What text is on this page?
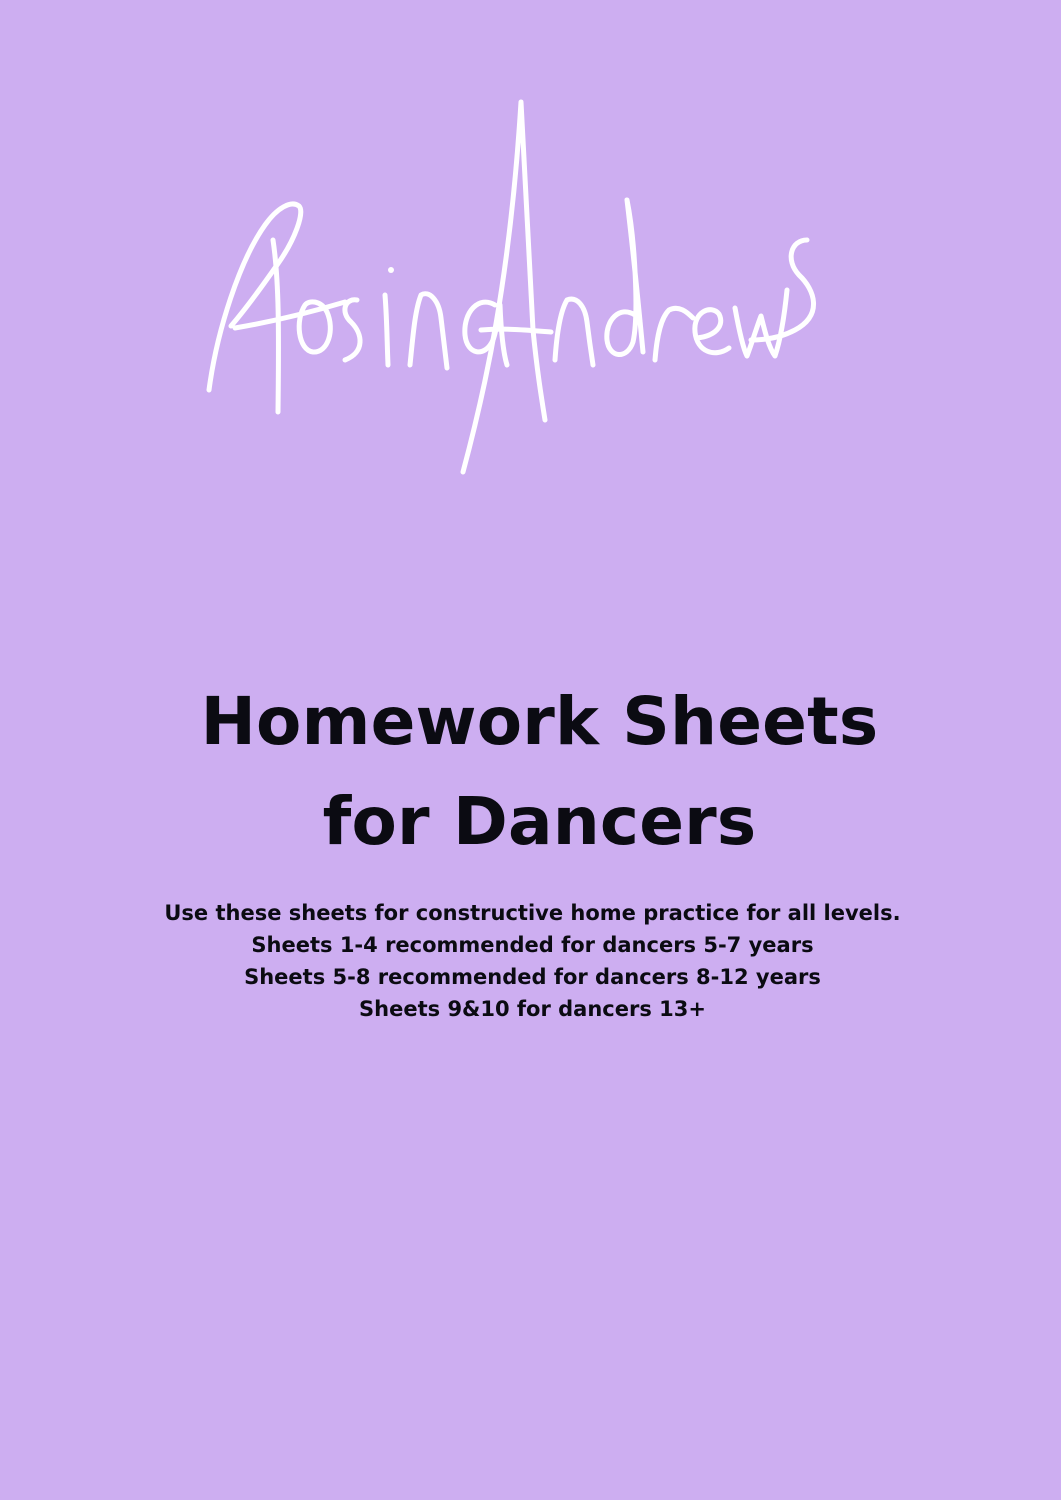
Homework Sheets
for Dancers
Use these sheets for constructive home practice for all levels.
Sheets 1-4 recommended for dancers 5-7 years
Sheets 5-8 recommended for dancers 8-12 years
Sheets 9&10 for dancers 13+
